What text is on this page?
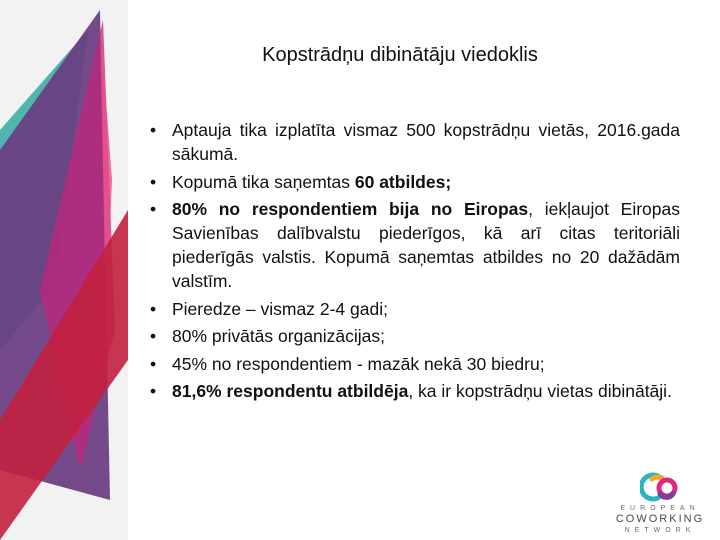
Kopstrādņu dibinātāju viedoklis
• Aptauja tika izplatīta vismaz 500 kopstrādņu vietās, 2016.gada sākumā.
• Kopumā tika saņemtas 60 atbildes;
• 80% no respondentiem bija no Eiropas, iekļaujot Eiropas Savienības dalībvalstu piederīgos, kā arī citas teritoriāli piederīgās valstis. Kopumā saņemtas atbildes no 20 dažādām valstīm.
• Pieredze – vismaz 2-4 gadi;
• 80% privātās organizācijas;
• 45% no respondentiem - mazāk nekā 30 biedru;
• 81,6% respondentu atbildēja, ka ir kopstrādņu vietas dibinātāji.
EUROPEAN
COWORKING
NETWORK
